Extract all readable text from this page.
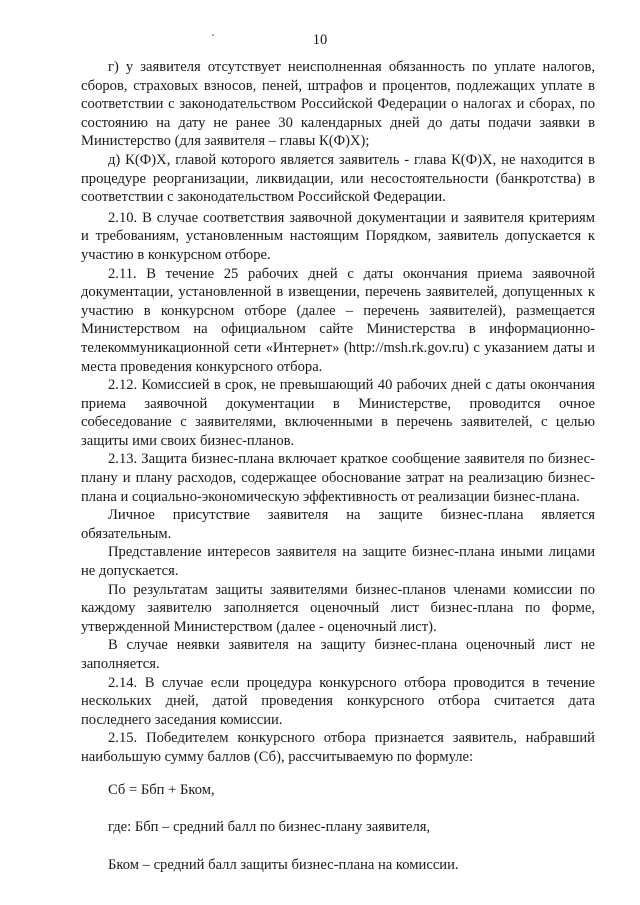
10

г) у заявителя отсутствует неисполненная обязанность по уплате налогов, сборов, страховых взносов, пеней, штрафов и процентов, подлежащих уплате в соответствии с законодательством Российской Федерации о налогах и сборах, по состоянию на дату не ранее 30 календарных дней до даты подачи заявки в Министерство (для заявителя – главы К(Ф)Х);

д) К(Ф)Х, главой которого является заявитель - глава К(Ф)Х, не находится в процедуре реорганизации, ликвидации, или несостоятельности (банкротства) в соответствии с законодательством Российской Федерации.

2.10. В случае соответствия заявочной документации и заявителя критериям и требованиям, установленным настоящим Порядком, заявитель допускается к участию в конкурсном отборе.

2.11. В течение 25 рабочих дней с даты окончания приема заявочной документации, установленной в извещении, перечень заявителей, допущенных к участию в конкурсном отборе (далее – перечень заявителей), размещается Министерством на официальном сайте Министерства в информационно-телекоммуникационной сети «Интернет» (http://msh.rk.gov.ru) с указанием даты и места проведения конкурсного отбора.

2.12. Комиссией в срок, не превышающий 40 рабочих дней с даты окончания приема заявочной документации в Министерстве, проводится очное собеседование с заявителями, включенными в перечень заявителей, с целью защиты ими своих бизнес-планов.

2.13. Защита бизнес-плана включает краткое сообщение заявителя по бизнес-плану и плану расходов, содержащее обоснование затрат на реализацию бизнес-плана и социально-экономическую эффективность от реализации бизнес-плана.

Личное присутствие заявителя на защите бизнес-плана является обязательным.

Представление интересов заявителя на защите бизнес-плана иными лицами не допускается.

По результатам защиты заявителями бизнес-планов членами комиссии по каждому заявителю заполняется оценочный лист бизнес-плана по форме, утвержденной Министерством (далее - оценочный лист).

В случае неявки заявителя на защиту бизнес-плана оценочный лист не заполняется.

2.14. В случае если процедура конкурсного отбора проводится в течение нескольких дней, датой проведения конкурсного отбора считается дата последнего заседания комиссии.

2.15. Победителем конкурсного отбора признается заявитель, набравший наибольшую сумму баллов (Сб), рассчитываемую по формуле:

Сб = Ббп + Бком,

где: Ббп – средний балл по бизнес-плану заявителя,

Бком – средний балл защиты бизнес-плана на комиссии.
